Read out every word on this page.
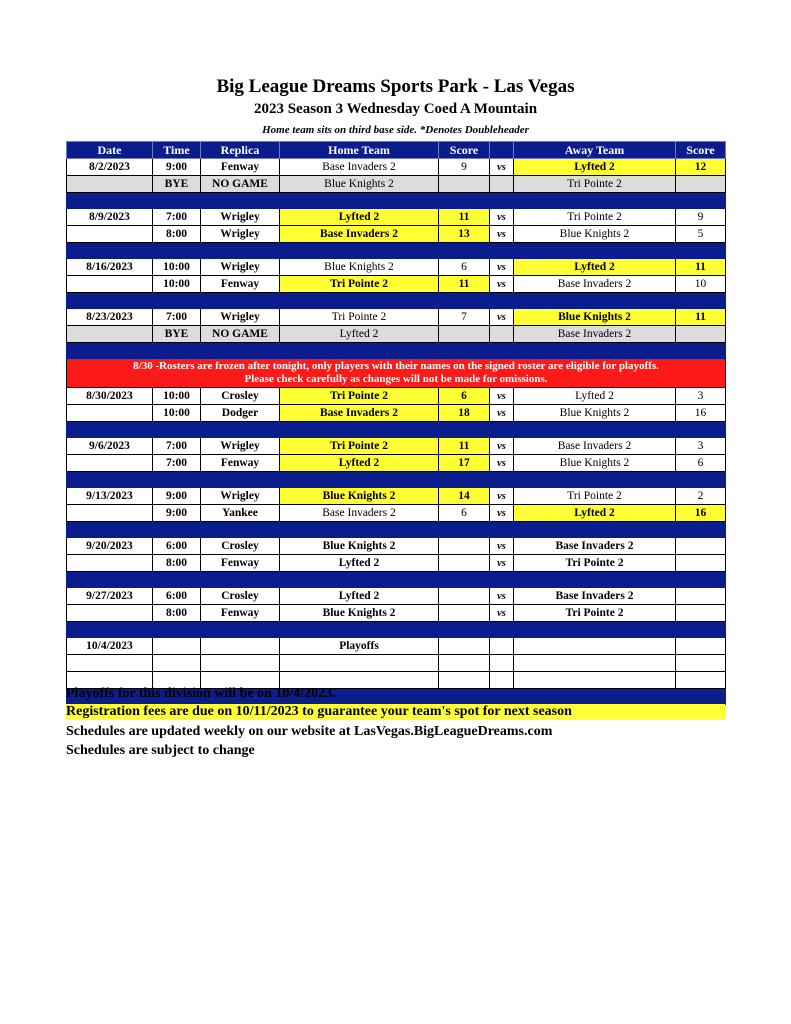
Big League Dreams Sports Park - Las Vegas
2023 Season 3 Wednesday Coed A Mountain
Home team sits on third base side. *Denotes Doubleheader
Date	Time	Replica	Home Team	Score		Away Team	Score
8/2/2023	9:00	Fenway	Base Invaders 2	9	vs	Lyfted 2	12
	BYE	NO GAME	Blue Knights 2			Tri Pointe 2	

8/9/2023	7:00	Wrigley	Lyfted 2	11	vs	Tri Pointe 2	9
	8:00	Wrigley	Base Invaders 2	13	vs	Blue Knights 2	5

8/16/2023	10:00	Wrigley	Blue Knights 2	6	vs	Lyfted 2	11
	10:00	Fenway	Tri Pointe 2	11	vs	Base Invaders 2	10

8/23/2023	7:00	Wrigley	Tri Pointe 2	7	vs	Blue Knights 2	11
	BYE	NO GAME	Lyfted 2			Base Invaders 2	

8/30 -Rosters are frozen after tonight, only players with their names on the signed roster are eligible for playoffs.
Please check carefully as changes will not be made for omissions.							

8/30/2023	10:00	Crosley	Tri Pointe 2	6	vs	Lyfted 2	3
	10:00	Dodger	Base Invaders 2	18	vs	Blue Knights 2	16

9/6/2023	7:00	Wrigley	Tri Pointe 2	11	vs	Base Invaders 2	3
	7:00	Fenway	Lyfted 2	17	vs	Blue Knights 2	6

9/13/2023	9:00	Wrigley	Blue Knights 2	14	vs	Tri Pointe 2	2
	9:00	Yankee	Base Invaders 2	6	vs	Lyfted 2	16

9/20/2023	6:00	Crosley	Blue Knights 2		vs	Base Invaders 2	
	8:00	Fenway	Lyfted 2		vs	Tri Pointe 2	

9/27/2023	6:00	Crosley	Lyfted 2		vs	Base Invaders 2	
	8:00	Fenway	Blue Knights 2		vs	Tri Pointe 2	

10/4/2023			Playoffs				

Playoffs for this division will be on 10/4/2023.
Registration fees are due on 10/11/2023 to guarantee your team's spot for next season
Schedules are updated weekly on our website at LasVegas.BigLeagueDreams.com
Schedules are subject to change
